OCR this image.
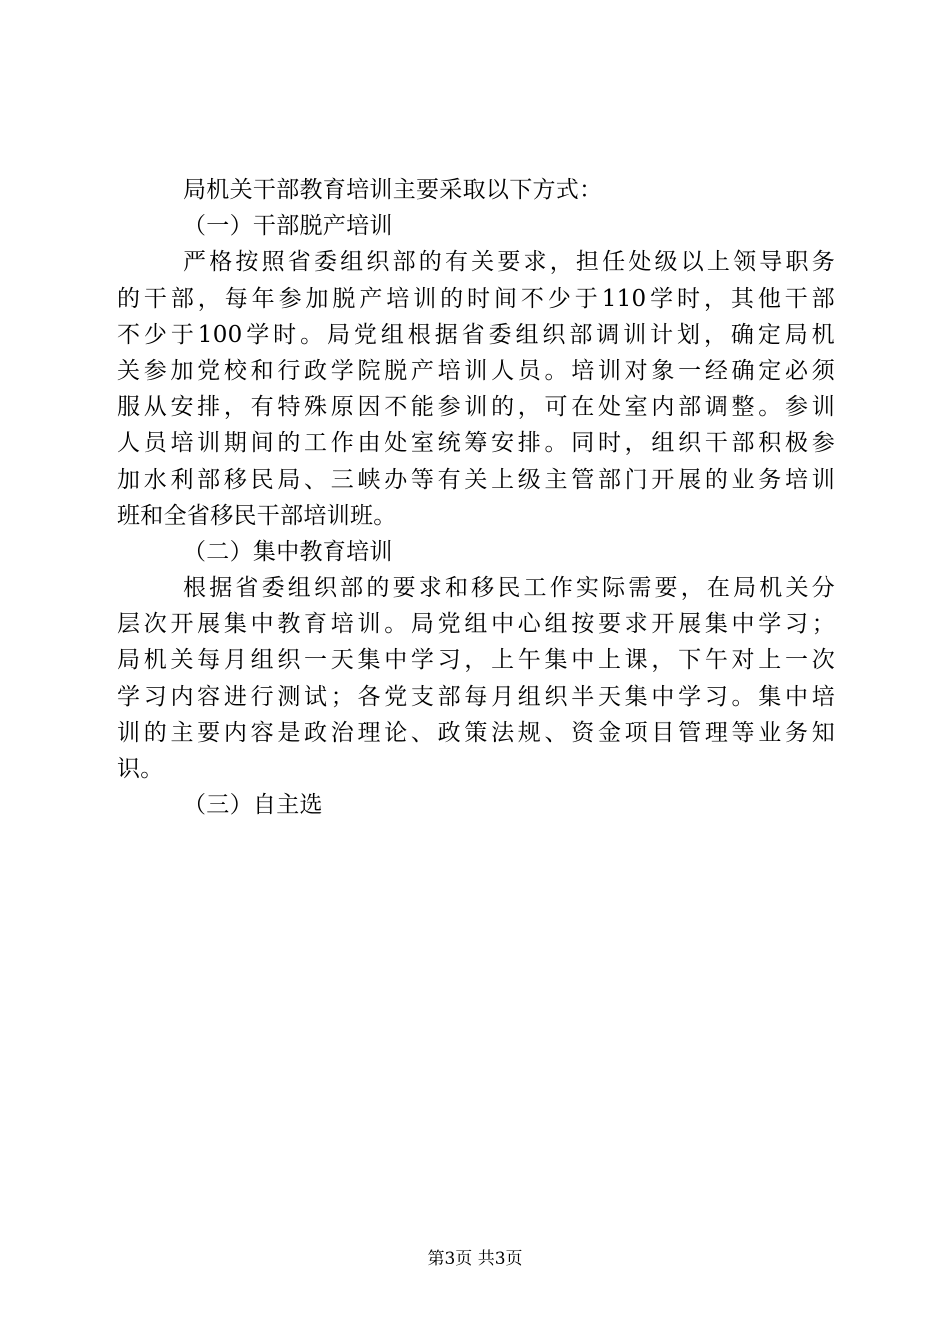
局机关干部教育培训主要采取以下方式：
（一）干部脱产培训
严格按照省委组织部的有关要求，担任处级以上领导职务
的干部，每年参加脱产培训的时间不少于110学时，其他干部
不少于100学时。局党组根据省委组织部调训计划，确定局机
关参加党校和行政学院脱产培训人员。培训对象一经确定必须
服从安排，有特殊原因不能参训的，可在处室内部调整。参训
人员培训期间的工作由处室统筹安排。同时，组织干部积极参
加水利部移民局、三峡办等有关上级主管部门开展的业务培训
班和全省移民干部培训班。
（二）集中教育培训
根据省委组织部的要求和移民工作实际需要，在局机关分
层次开展集中教育培训。局党组中心组按要求开展集中学习；
局机关每月组织一天集中学习，上午集中上课，下午对上一次
学习内容进行测试；各党支部每月组织半天集中学习。集中培
训的主要内容是政治理论、政策法规、资金项目管理等业务知
识。
（三）自主选
第3页 共3页
